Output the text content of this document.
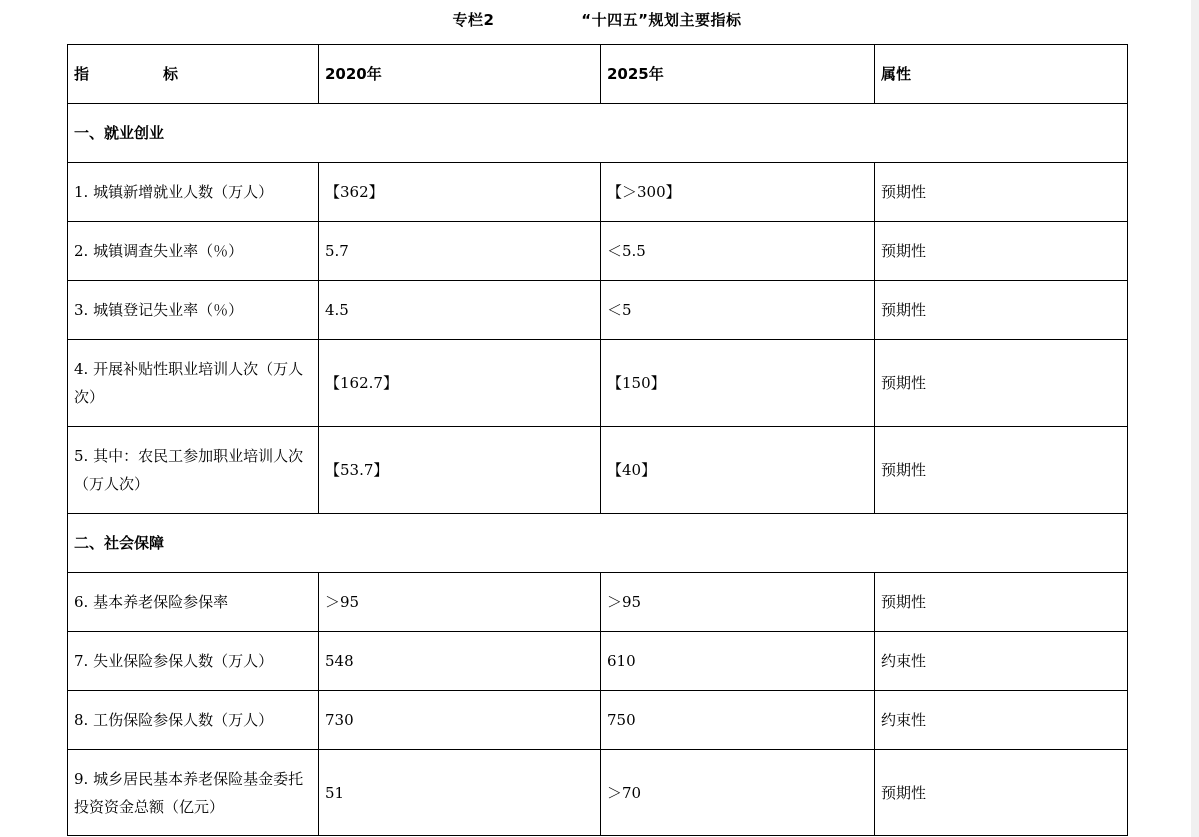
专栏2    “十四五”规划主要指标
指 标	2020年	2025年	属性
一、就业创业			
1. 城镇新增就业人数（万人）	【362】	【＞300】	预期性
2. 城镇调查失业率（％）	5.7	＜5.5	预期性
3. 城镇登记失业率（％）	4.5	＜5	预期性
4. 开展补贴性职业培训人次（万人次）	【162.7】	【150】	预期性
5. 其中：农民工参加职业培训人次（万人次）	【53.7】	【40】	预期性
二、社会保障			
6. 基本养老保险参保率	＞95	＞95	预期性
7. 失业保险参保人数（万人）	548	610	约束性
8. 工伤保险参保人数（万人）	730	750	约束性
9. 城乡居民基本养老保险基金委托投资资金总额（亿元）	51	＞70	预期性
